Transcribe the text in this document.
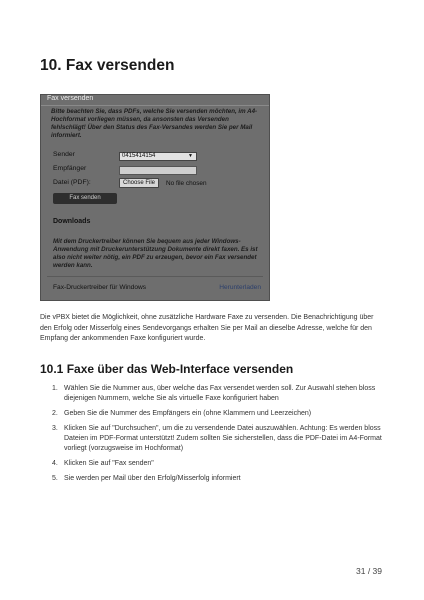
10. Fax versenden
Fax versenden
Bitte beachten Sie, dass PDFs, welche Sie versenden möchten, im A4-Hochformat vorliegen müssen, da ansonsten das Versenden fehlschlägt! Über den Status des Fax-Versandes werden Sie per Mail informiert.
Sender	0415414154	▼
Empfänger
Datei (PDF):	Choose File	No file chosen
Fax senden
Downloads
Mit dem Druckertreiber können Sie bequem aus jeder Windows-Anwendung mit Druckerunterstützung Dokumente direkt faxen. Es ist also nicht weiter nötig, ein PDF zu erzeugen, bevor ein Fax versendet werden kann.
Fax-Druckertreiber für Windows	Herunterladen
Die vPBX bietet die Möglichkeit, ohne zusätzliche Hardware Faxe zu versenden. Die Benachrichtigung über den Erfolg oder Misserfolg eines Sendevorgangs erhalten Sie per Mail an dieselbe Adresse, welche für den Empfang der ankommenden Faxe konfiguriert wurde.
10.1 Faxe über das Web-Interface versenden
1. Wählen Sie die Nummer aus, über welche das Fax versendet werden soll. Zur Auswahl stehen bloss diejenigen Nummern, welche Sie als virtuelle Faxe konfiguriert haben
2. Geben Sie die Nummer des Empfängers ein (ohne Klammern und Leerzeichen)
3. Klicken Sie auf "Durchsuchen", um die zu versendende Datei auszuwählen. Achtung: Es werden bloss Dateien im PDF-Format unterstützt! Zudem sollten Sie sicherstellen, dass die PDF-Datei im A4-Format vorliegt (vorzugsweise im Hochformat)
4. Klicken Sie auf "Fax senden"
5. Sie werden per Mail über den Erfolg/Misserfolg informiert
31 / 39
